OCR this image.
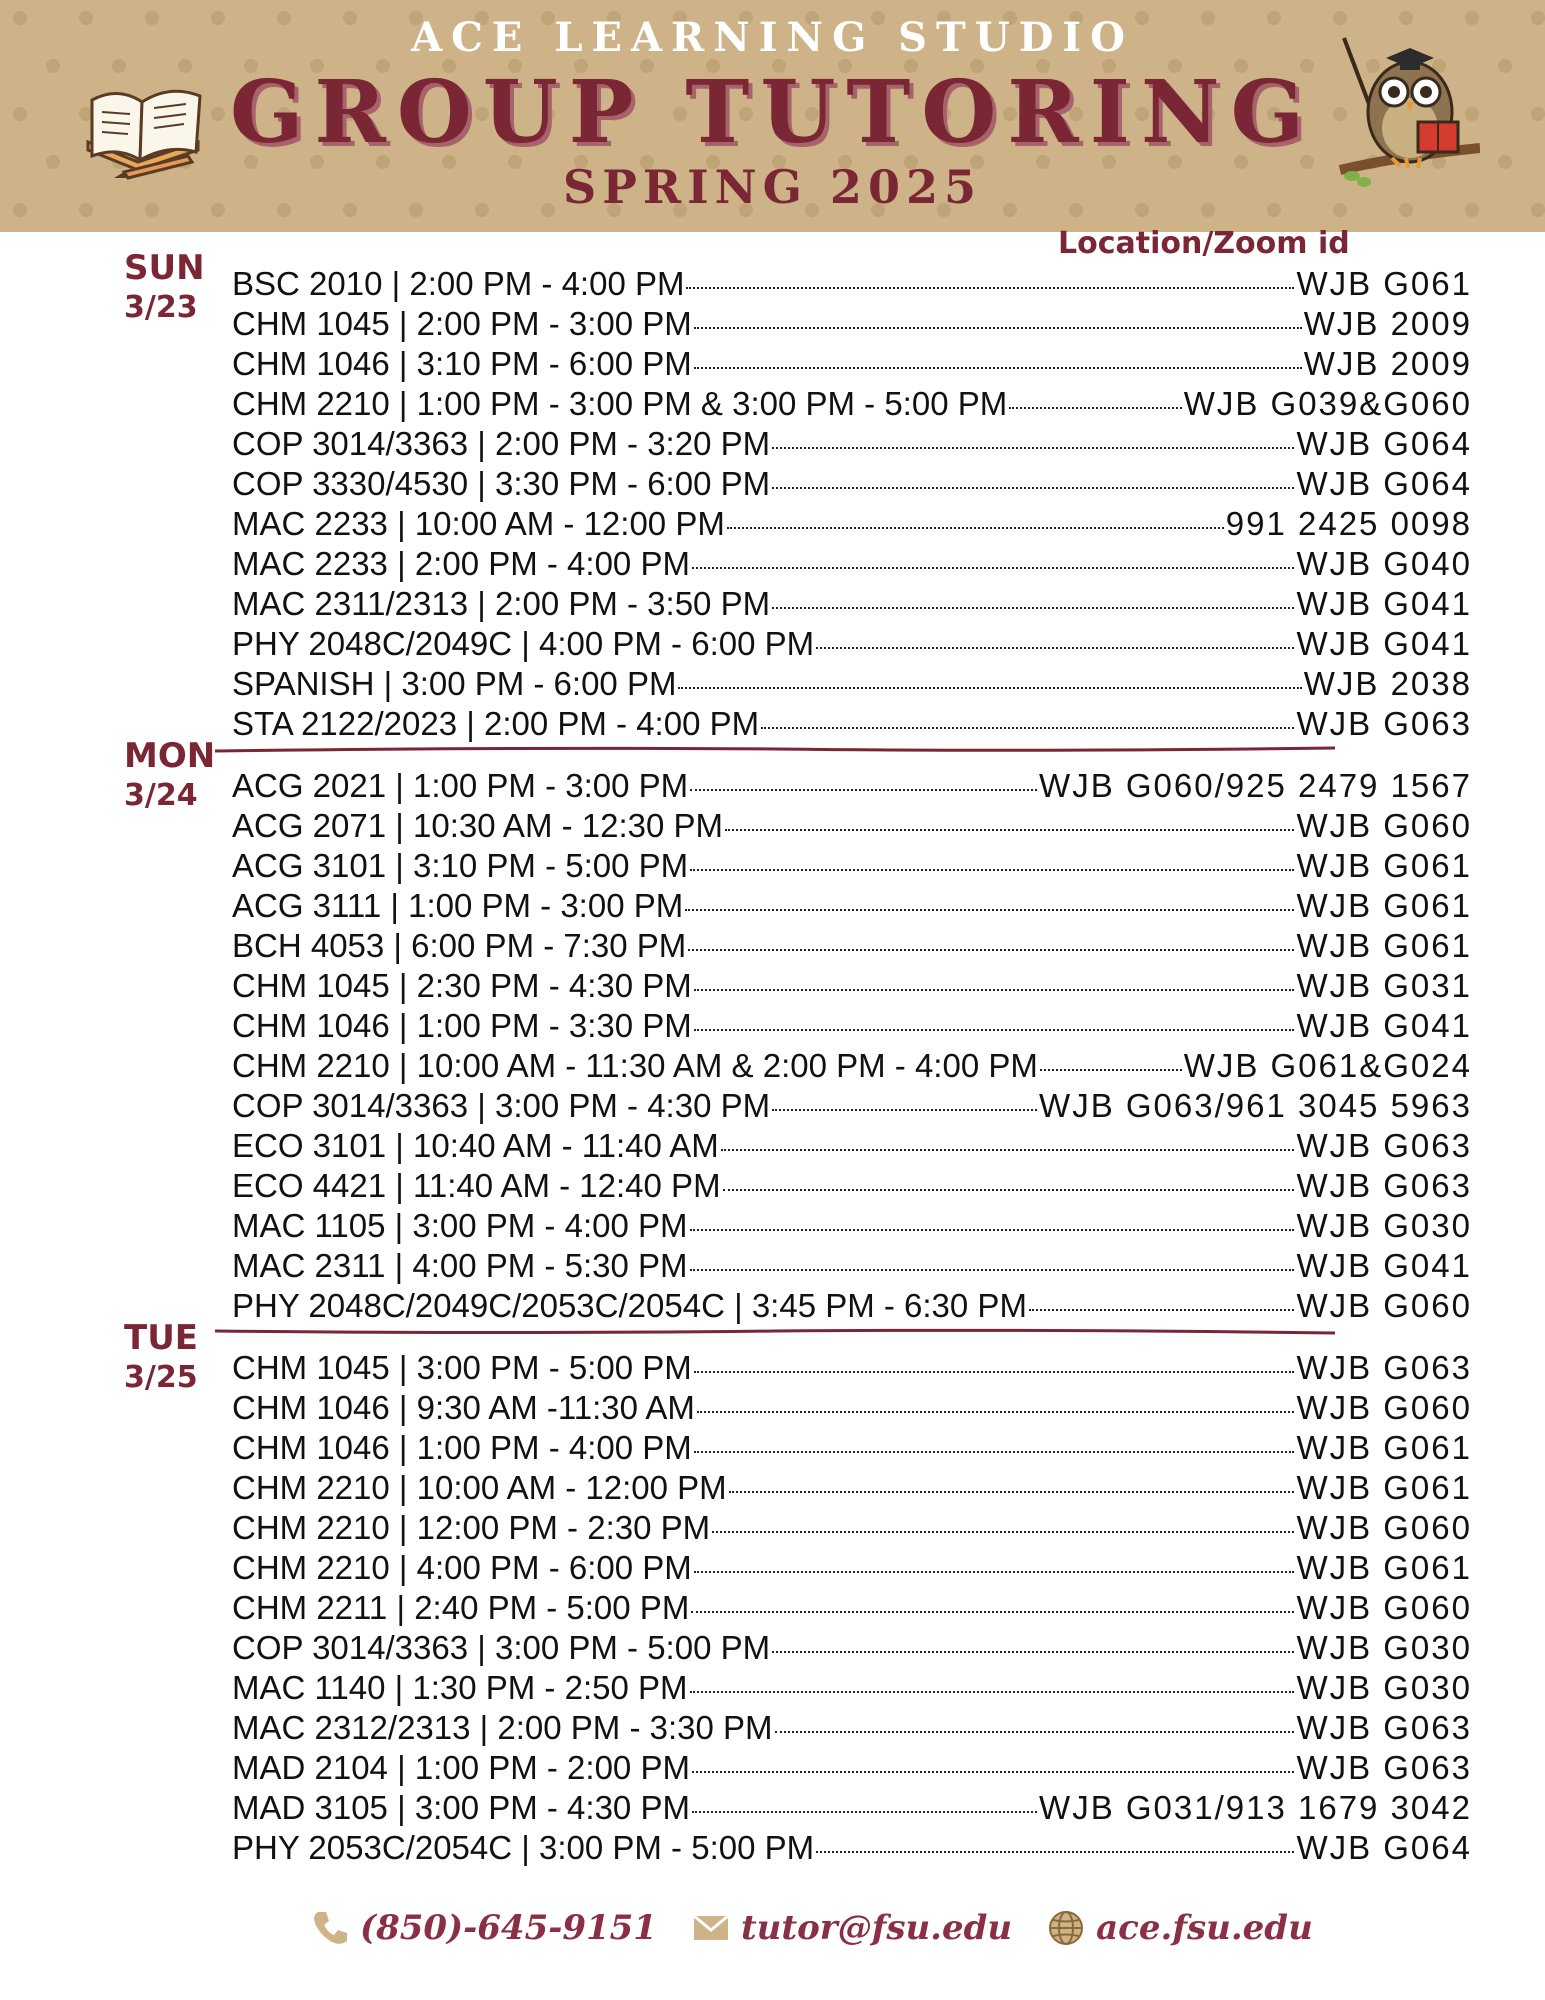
ACE LEARNING STUDIO
GROUP TUTORING
SPRING 2025
Location/Zoom id
SUN
3/23
BSC 2010 | 2:00 PM - 4:00 PM	WJB G061
CHM 1045 | 2:00 PM - 3:00 PM	WJB 2009
CHM 1046 | 3:10 PM - 6:00 PM	WJB 2009
CHM 2210 | 1:00 PM - 3:00 PM & 3:00 PM - 5:00 PM	WJB G039&G060
COP 3014/3363 | 2:00 PM - 3:20 PM	WJB G064
COP 3330/4530 | 3:30 PM - 6:00 PM	WJB G064
MAC 2233 | 10:00 AM - 12:00 PM	991 2425 0098
MAC 2233 | 2:00 PM - 4:00 PM	WJB G040
MAC 2311/2313 | 2:00 PM - 3:50 PM	WJB G041
PHY 2048C/2049C | 4:00 PM - 6:00 PM	WJB G041
SPANISH | 3:00 PM - 6:00 PM	WJB 2038
STA 2122/2023 | 2:00 PM - 4:00 PM	WJB G063
MON
3/24	ACG 2021 | 1:00 PM - 3:00 PM	WJB G060/925 2479 1567
ACG 2071 | 10:30 AM - 12:30 PM	WJB G060
ACG 3101 | 3:10 PM - 5:00 PM	WJB G061
ACG 3111 | 1:00 PM - 3:00 PM	WJB G061
BCH 4053 | 6:00 PM - 7:30 PM	WJB G061
CHM 1045 | 2:30 PM - 4:30 PM	WJB G031
CHM 1046 | 1:00 PM - 3:30 PM	WJB G041
CHM 2210 | 10:00 AM - 11:30 AM & 2:00 PM - 4:00 PM	WJB G061&G024
COP 3014/3363 | 3:00 PM - 4:30 PM	WJB G063/961 3045 5963
ECO 3101 | 10:40 AM - 11:40 AM	WJB G063
ECO 4421 | 11:40 AM - 12:40 PM	WJB G063
MAC 1105 | 3:00 PM - 4:00 PM	WJB G030
MAC 2311 | 4:00 PM - 5:30 PM	WJB G041
PHY 2048C/2049C/2053C/2054C | 3:45 PM - 6:30 PM	WJB G060
TUE
3/25 CHM 1045 | 3:00 PM - 5:00 PM	WJB G063
CHM 1046 | 9:30 AM -11:30 AM	WJB G060
CHM 1046 | 1:00 PM - 4:00 PM	WJB G061
CHM 2210 | 10:00 AM - 12:00 PM	WJB G061
CHM 2210 | 12:00 PM - 2:30 PM	WJB G060
CHM 2210 | 4:00 PM - 6:00 PM	WJB G061
CHM 2211 | 2:40 PM - 5:00 PM	WJB G060
COP 3014/3363 | 3:00 PM - 5:00 PM	WJB G030
MAC 1140 | 1:30 PM - 2:50 PM	WJB G030
MAC 2312/2313 | 2:00 PM - 3:30 PM	WJB G063
MAD 2104 | 1:00 PM - 2:00 PM	WJB G063
MAD 3105 | 3:00 PM - 4:30 PM	WJB G031/913 1679 3042
PHY 2053C/2054C | 3:00 PM - 5:00 PM	WJB G064
(850)-645-9151 tutor@fsu.edu ace.fsu.edu
